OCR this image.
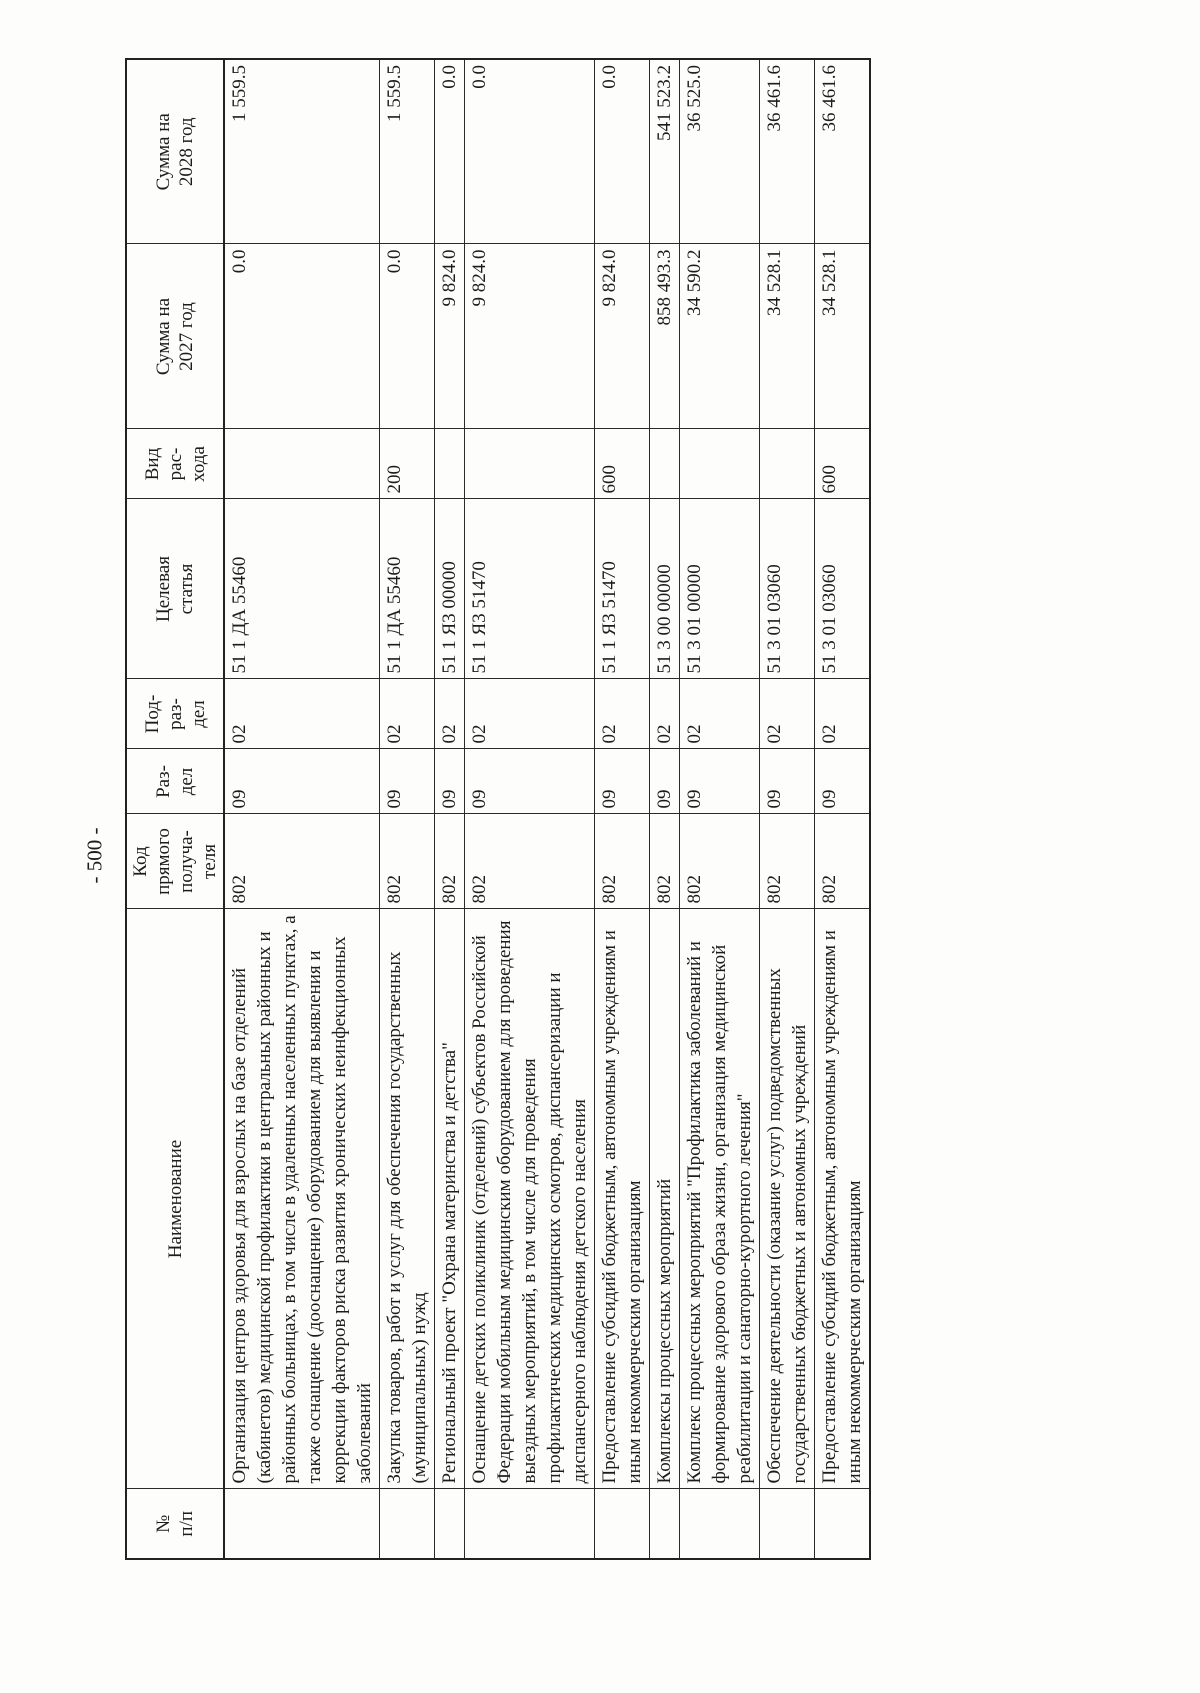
- 500 -
№ п/п	Наименование	Код прямого получа- теля	Раз- дел	Под- раз- дел	Целевая статья	Вид рас- хода	Сумма на 2027 год	Сумма на 2028 год
	Организация центров здоровья для взрослых на базе отделений (кабинетов) медицинской профилактики в центральных районных и районных больницах, в том числе в удаленных населенных пунктах, а также оснащение (дооснащение) оборудованием для выявления и коррекции факторов риска развития хронических неинфекционных заболеваний	802	09	02	51 1 ДА 55460		0.0	1 559.5
	Закупка товаров, работ и услуг для обеспечения государственных (муниципальных) нужд	802	09	02	51 1 ДА 55460	200	0.0	1 559.5
	Региональный проект "Охрана материнства и детства"	802	09	02	51 1 Я3 00000		9 824.0	0.0
	Оснащение детских поликлиник (отделений) субъектов Российской Федерации мобильным медицинским оборудованием для проведения выездных мероприятий, в том числе для проведения профилактических медицинских осмотров, диспансеризации и диспансерного наблюдения детского населения	802	09	02	51 1 Я3 51470		9 824.0	0.0
	Предоставление субсидий бюджетным, автономным учреждениям и иным некоммерческим организациям	802	09	02	51 1 Я3 51470	600	9 824.0	0.0
	Комплексы процессных мероприятий	802	09	02	51 3 00 00000		858 493.3	541 523.2
	Комплекс процессных мероприятий "Профилактика заболеваний и формирование здорового образа жизни, организация медицинской реабилитации и санаторно-курортного лечения"	802	09	02	51 3 01 00000		34 590.2	36 525.0
	Обеспечение деятельности (оказание услуг) подведомственных государственных бюджетных и автономных учреждений	802	09	02	51 3 01 03060		34 528.1	36 461.6
	Предоставление субсидий бюджетным, автономным учреждениям и иным некоммерческим организациям	802	09	02	51 3 01 03060	600	34 528.1	36 461.6
